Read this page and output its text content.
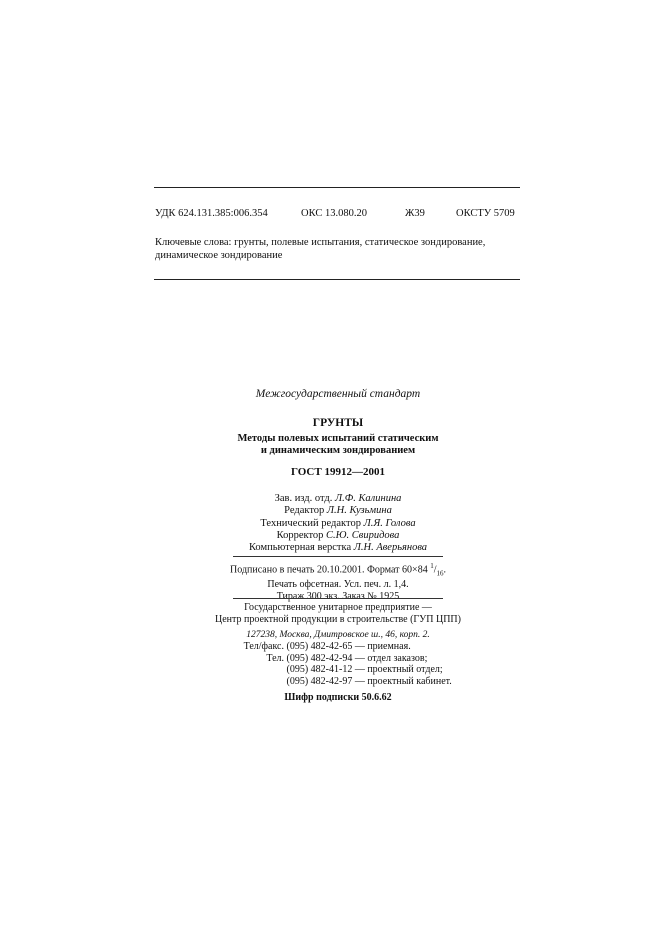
УДК 624.131.385:006.354	ОКС 13.080.20	Ж39	ОКСТУ 5709
Ключевые слова: грунты, полевые испытания, статическое зондирование,
динамическое зондирование
Межгосударственный стандарт
ГРУНТЫ
Методы полевых испытаний статическим
и динамическим зондированием
ГОСТ 19912—2001
Зав. изд. отд. Л.Ф. Калинина
Редактор Л.Н. Кузьмина
Технический редактор Л.Я. Голова
Корректор С.Ю. Свиридова
Компьютерная верстка Л.Н. Аверьянова
Подписано в печать 20.10.2001. Формат 60×84 $^1/_{16}$.
Печать офсетная. Усл. печ. л. 1,4.
Тираж 300 экз. Заказ № 1925
Государственное унитарное предприятие —
Центр проектной продукции в строительстве (ГУП ЦПП)
127238, Москва, Дмитровское ш., 46, корп. 2.
Тел/факс. (095) 482-42-65 — приемная.
Тел. (095) 482-42-94 — отдел заказов;
(095) 482-41-12 — проектный отдел;
(095) 482-42-97 — проектный кабинет.
Шифр подписки 50.6.62
